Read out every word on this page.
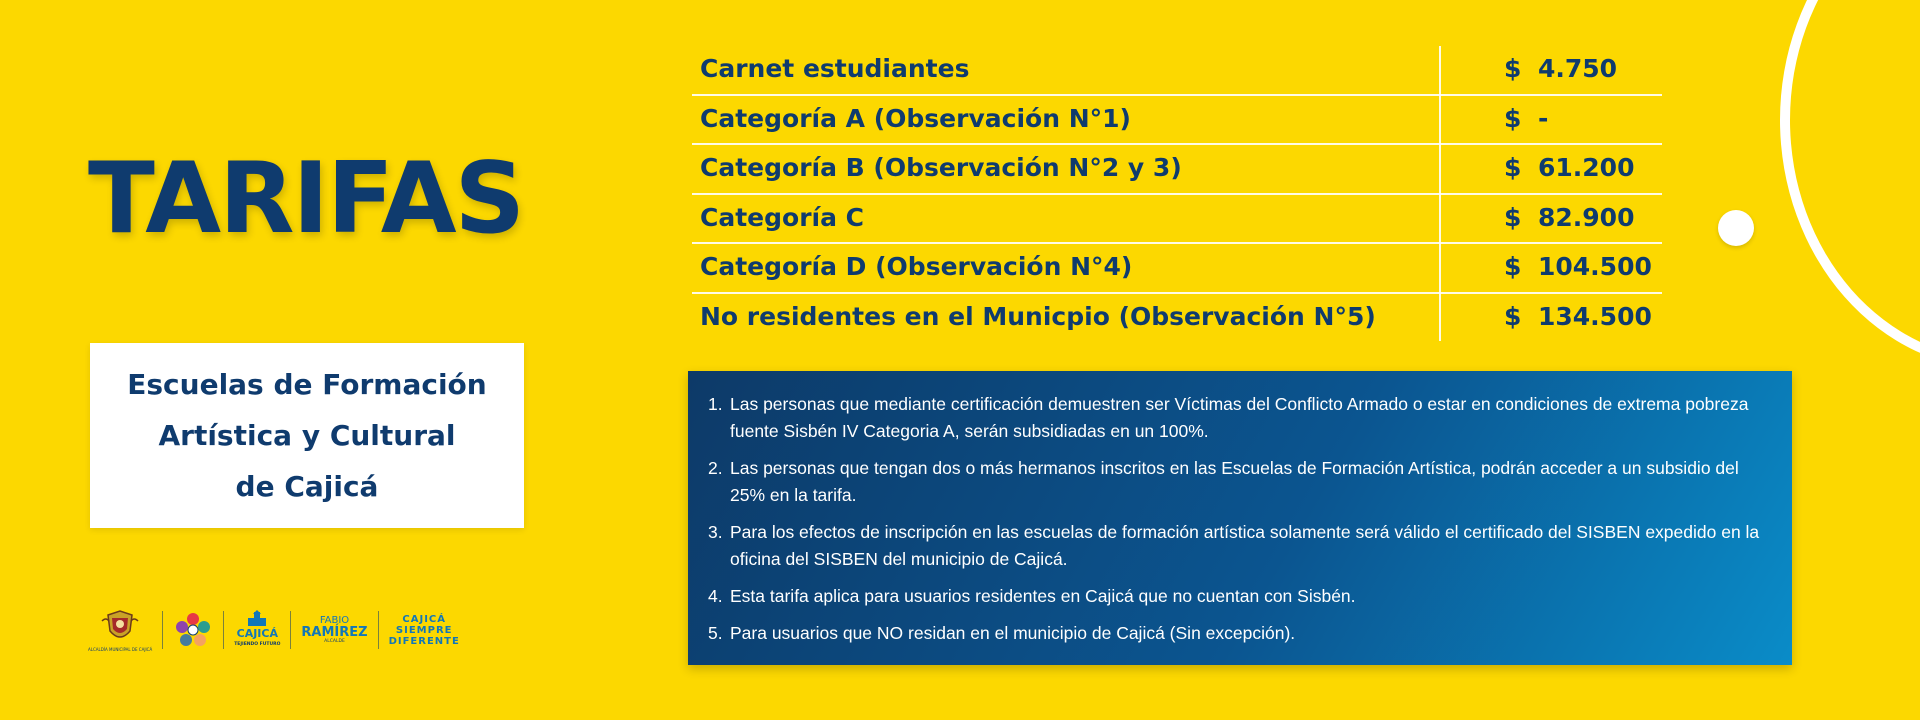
TARIFAS
Escuelas de Formación
Artística y Cultural
de Cajicá
ALCALDÍA MUNICIPAL DE CAJICÁ
CAJICÁ
TEJIENDO FUTURO
FABIO
RAMÍREZ
ALCALDE
CAJICÁ
SIEMPRE
DIFERENTE
Carnet estudiantes	$ 4.750
Categoría A (Observación N°1)	$ -
Categoría B (Observación N°2 y 3)	$ 61.200
Categoría C	$ 82.900
Categoría D (Observación N°4)	$ 104.500
No residentes en el Municpio (Observación N°5)	$ 134.500
1. Las personas que mediante certificación demuestren ser Víctimas del Conflicto Armado o estar en condiciones de extrema pobreza fuente Sisbén IV Categoria A, serán subsidiadas en un 100%.
2. Las personas que tengan dos o más hermanos inscritos en las Escuelas de Formación Artística, podrán acceder a un subsidio del 25% en la tarifa.
3. Para los efectos de inscripción en las escuelas de formación artística solamente será válido el certificado del SISBEN expedido en la oficina del SISBEN del municipio de Cajicá.
4. Esta tarifa aplica para usuarios residentes en Cajicá que no cuentan con Sisbén.
5. Para usuarios que NO residan en el municipio de Cajicá (Sin excepción).
